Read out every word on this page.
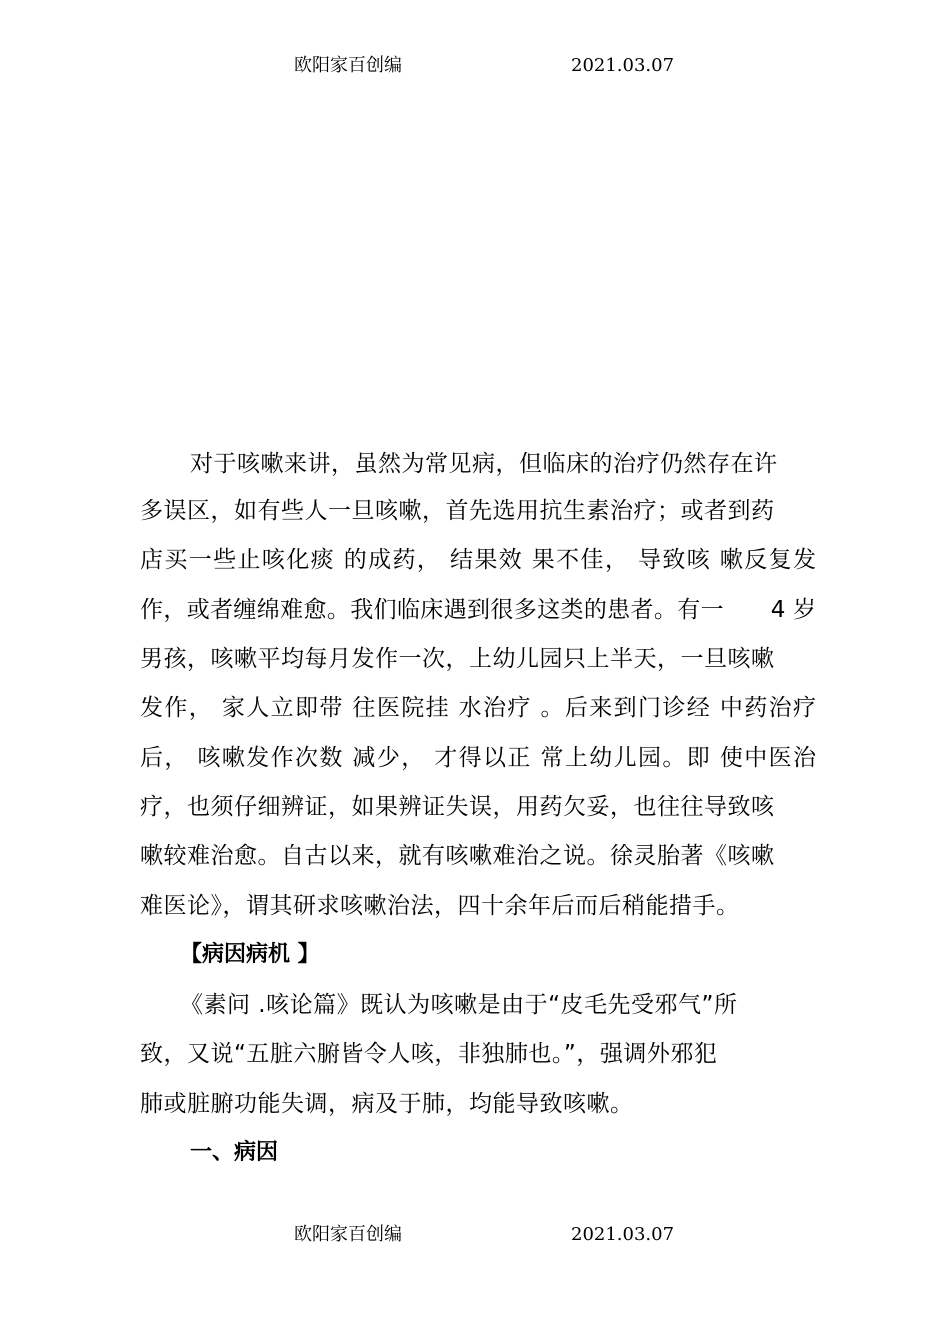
欧阳家百创编	2021.03.07
对于咳嗽来讲，虽然为常见病，但临床的治疗仍然存在许
多误区，如有些人一旦咳嗽，首先选用抗生素治疗；或者到药
店买一些止咳化痰 的成药， 结果效 果不佳， 导致咳 嗽反复发
作，或者缠绵难愈。我们临床遇到很多这类的患者。有一　　4 岁
男孩，咳嗽平均每月发作一次，上幼儿园只上半天，一旦咳嗽
发作， 家人立即带 往医院挂 水治疗 。后来到门诊经 中药治疗
后， 咳嗽发作次数 减少， 才得以正 常上幼儿园。即 使中医治
疗，也须仔细辨证，如果辨证失误，用药欠妥，也往往导致咳
嗽较难治愈。自古以来，就有咳嗽难治之说。徐灵胎著《咳嗽
难医论》，谓其研求咳嗽治法，四十余年后而后稍能措手。
【病因病机 】
《素问 .咳论篇》既认为咳嗽是由于“皮毛先受邪气”所
致，又说“五脏六腑皆令人咳，非独肺也。”，强调外邪犯
肺或脏腑功能失调，病及于肺，均能导致咳嗽。
一、病因
欧阳家百创编	2021.03.07
